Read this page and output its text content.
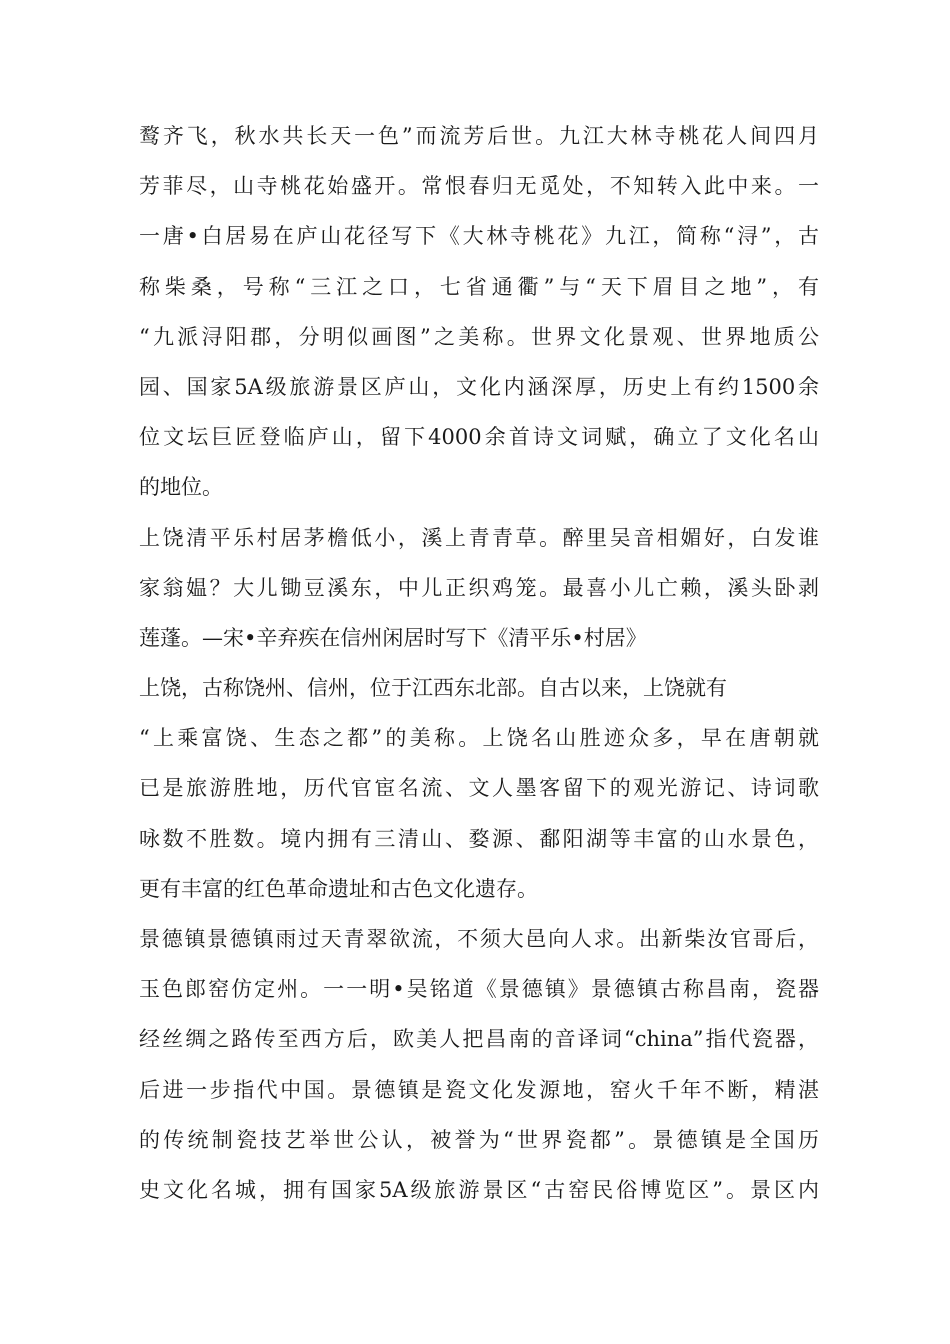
鹜齐飞，秋水共长天一色”而流芳后世。九江大林寺桃花人间四月
芳菲尽，山寺桃花始盛开。常恨春归无觅处，不知转入此中来。一
一唐•白居易在庐山花径写下《大林寺桃花》九江，简称“浔”，古
称柴桑，号称“三江之口，七省通衢”与“天下眉目之地”，有
“九派浔阳郡，分明似画图”之美称。世界文化景观、世界地质公
园、国家5A级旅游景区庐山，文化内涵深厚，历史上有约1500余
位文坛巨匠登临庐山，留下4000余首诗文词赋，确立了文化名山
的地位。
上饶清平乐村居茅檐低小，溪上青青草。醉里吴音相媚好，白发谁
家翁媪？大儿锄豆溪东，中儿正织鸡笼。最喜小儿亡赖，溪头卧剥
莲蓬。—宋•辛弃疾在信州闲居时写下《清平乐•村居》
上饶，古称饶州、信州，位于江西东北部。自古以来，上饶就有
“上乘富饶、生态之都”的美称。上饶名山胜迹众多，早在唐朝就
已是旅游胜地，历代官宦名流、文人墨客留下的观光游记、诗词歌
咏数不胜数。境内拥有三清山、婺源、鄱阳湖等丰富的山水景色，
更有丰富的红色革命遗址和古色文化遗存。
景德镇景德镇雨过天青翠欲流，不须大邑向人求。出新柴汝官哥后，
玉色郎窑仿定州。一一明•吴铭道《景德镇》景德镇古称昌南，瓷器
经丝绸之路传至西方后，欧美人把昌南的音译词“china”指代瓷器，
后进一步指代中国。景德镇是瓷文化发源地，窑火千年不断，精湛
的传统制瓷技艺举世公认，被誉为“世界瓷都”。景德镇是全国历
史文化名城，拥有国家5A级旅游景区“古窑民俗博览区”。景区内
